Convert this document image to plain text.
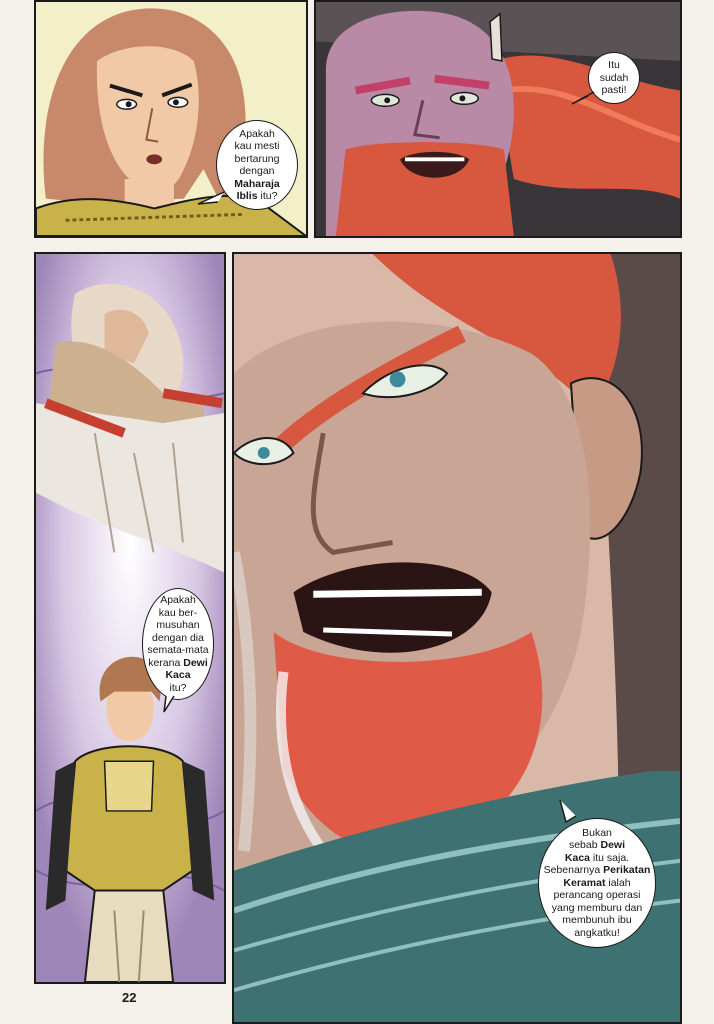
Apakah
kau mesti
bertarung
dengan
Maharaja
Iblis itu?
Itu
sudah
pasti!
Apakah
kau ber-
musuhan
dengan dia
semata-mata
kerana Dewi
Kaca
itu?
Bukan
sebab Dewi
Kaca itu saja.
Sebenarnya Perikatan
Keramat ialah
perancang operasi
yang memburu dan
membunuh ibu
angkatku!
22
